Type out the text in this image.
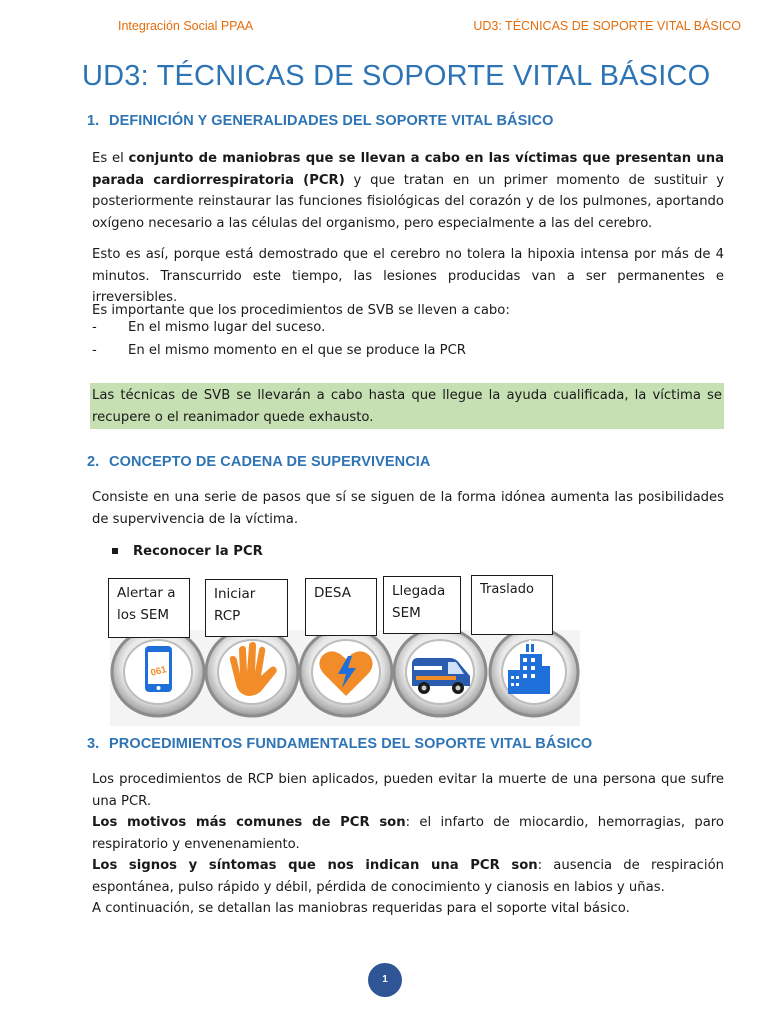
Integración Social PPAA	UD3: TÉCNICAS DE SOPORTE VITAL BÁSICO
UD3: TÉCNICAS DE SOPORTE VITAL BÁSICO
1. DEFINICIÓN Y GENERALIDADES DEL SOPORTE VITAL BÁSICO

Es el conjunto de maniobras que se llevan a cabo en las víctimas que presentan una parada cardiorrespiratoria (PCR) y que tratan en un primer momento de sustituir y posteriormente reinstaurar las funciones fisiológicas del corazón y de los pulmones, aportando oxígeno necesario a las células del organismo, pero especialmente a las del cerebro.

Esto es así, porque está demostrado que el cerebro no tolera la hipoxia intensa por más de 4 minutos. Transcurrido este tiempo, las lesiones producidas van a ser permanentes e irreversibles.

Es importante que los procedimientos de SVB se lleven a cabo:

- En el mismo lugar del suceso.
- En el mismo momento en el que se produce la PCR

Las técnicas de SVB se llevarán a cabo hasta que llegue la ayuda cualificada, la víctima se recupere o el reanimador quede exhausto.

2. CONCEPTO DE CADENA DE SUPERVIVENCIA

Consiste en una serie de pasos que sí se siguen de la forma idónea aumenta las posibilidades de supervivencia de la víctima.

Reconocer la PCR
061
Alertar a los SEM
Iniciar RCP
DESA	Llegada SEM
Traslado
3. PROCEDIMIENTOS FUNDAMENTALES DEL SOPORTE VITAL BÁSICO

Los procedimientos de RCP bien aplicados, pueden evitar la muerte de una persona que sufre una PCR.

Los motivos más comunes de PCR son: el infarto de miocardio, hemorragias, paro respiratorio y envenenamiento.

Los signos y síntomas que nos indican una PCR son: ausencia de respiración espontánea, pulso rápido y débil, pérdida de conocimiento y cianosis en labios y uñas.

A continuación, se detallan las maniobras requeridas para el soporte vital básico.

1
